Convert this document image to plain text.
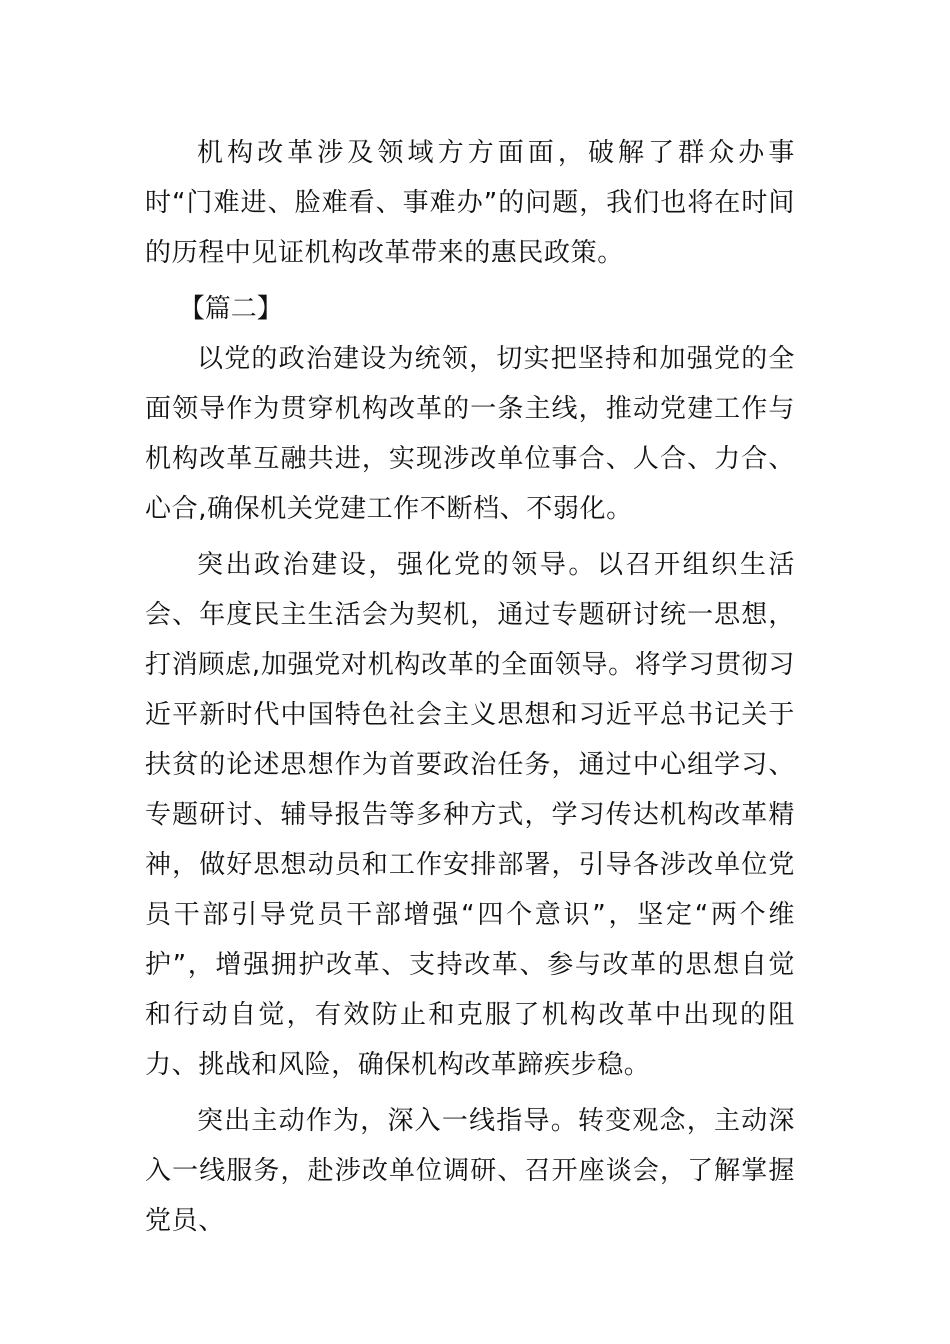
机构改革涉及领域方方面面，破解了群众办事时“门难进、脸难看、事难办”的问题，我们也将在时间的历程中见证机构改革带来的惠民政策。

【篇二】

以党的政治建设为统领，切实把坚持和加强党的全面领导作为贯穿机构改革的一条主线，推动党建工作与机构改革互融共进，实现涉改单位事合、人合、力合、心合,确保机关党建工作不断档、不弱化。

突出政治建设，强化党的领导。以召开组织生活会、年度民主生活会为契机，通过专题研讨统一思想，打消顾虑,加强党对机构改革的全面领导。将学习贯彻习近平新时代中国特色社会主义思想和习近平总书记关于扶贫的论述思想作为首要政治任务，通过中心组学习、专题研讨、辅导报告等多种方式，学习传达机构改革精神，做好思想动员和工作安排部署，引导各涉改单位党员干部引导党员干部增强“四个意识”，坚定“两个维护”，增强拥护改革、支持改革、参与改革的思想自觉和行动自觉，有效防止和克服了机构改革中出现的阻力、挑战和风险，确保机构改革蹄疾步稳。

突出主动作为，深入一线指导。转变观念，主动深入一线服务，赴涉改单位调研、召开座谈会，了解掌握党员、
